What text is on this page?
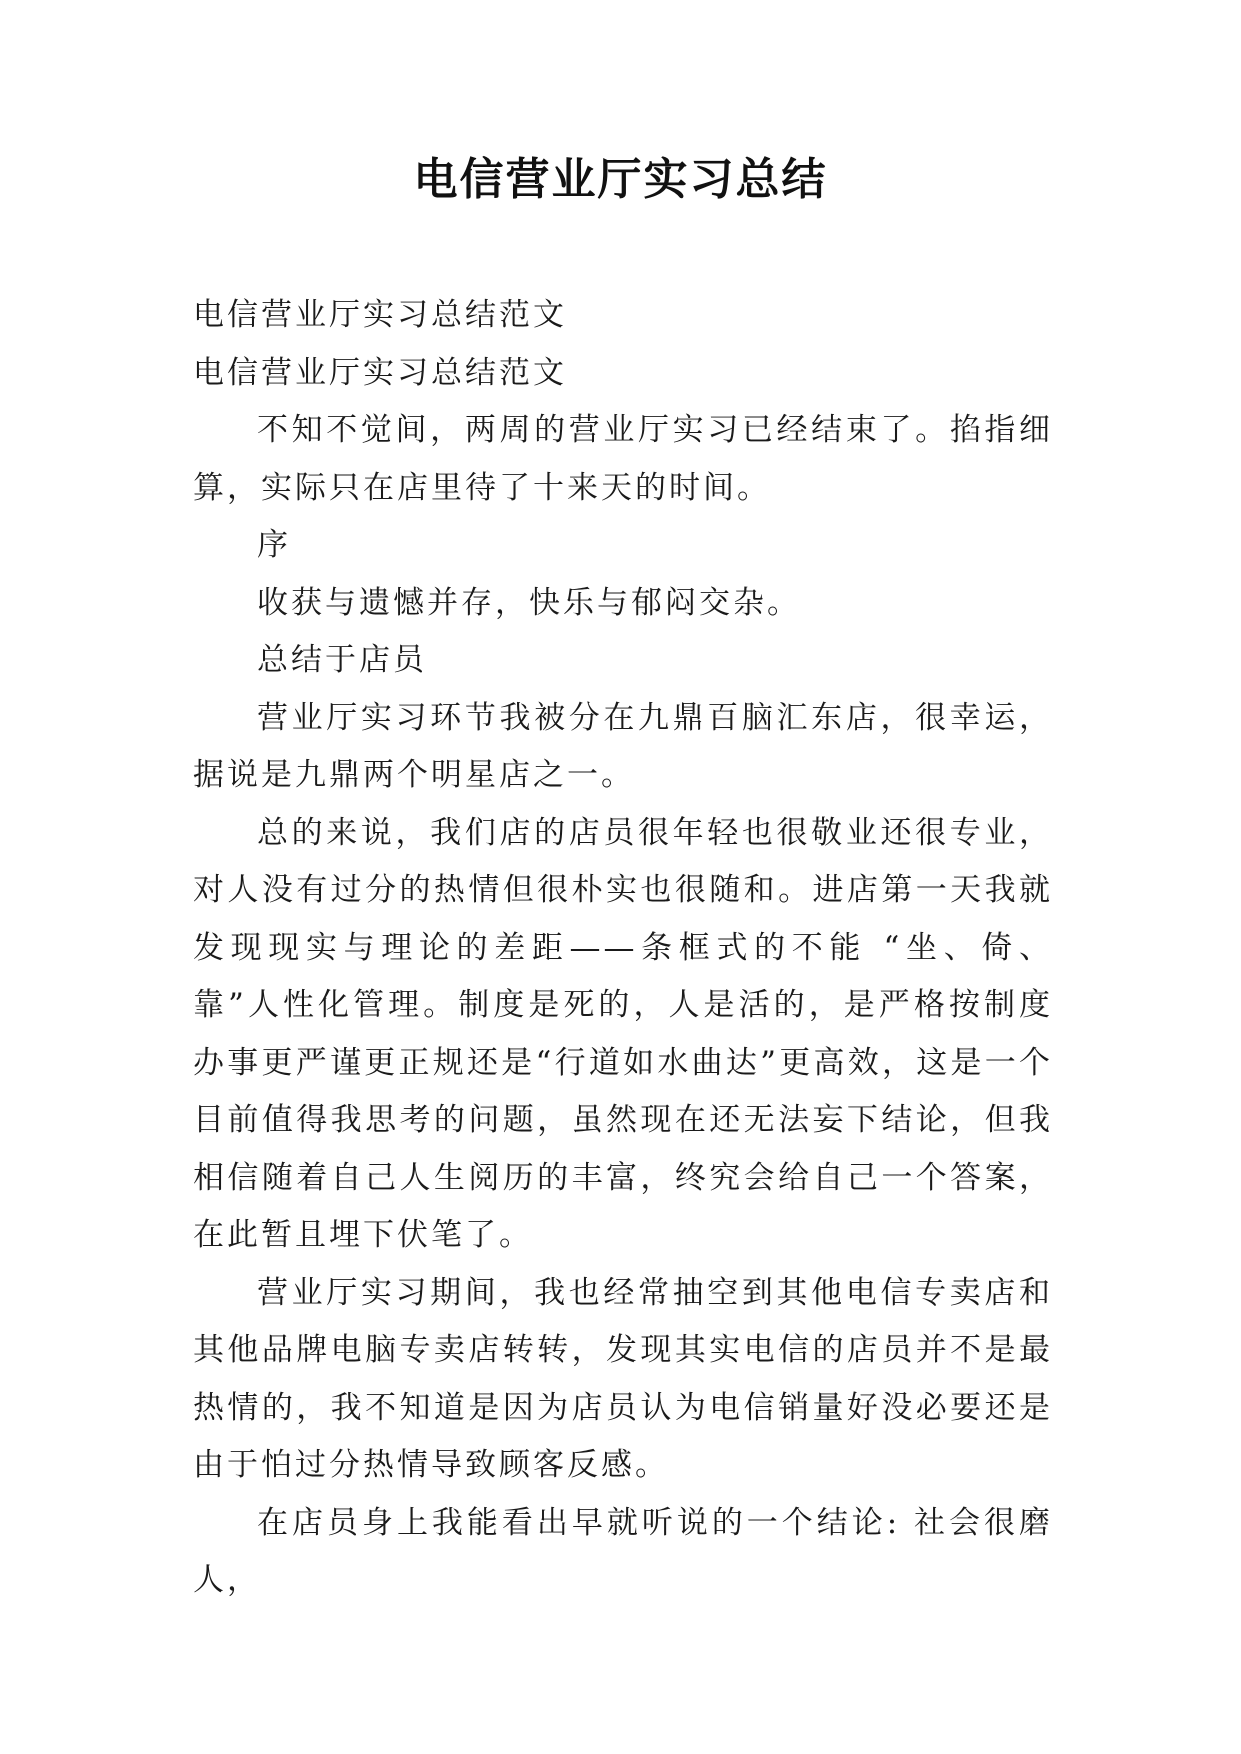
电信营业厅实习总结

电信营业厅实习总结范文

电信营业厅实习总结范文

不知不觉间，两周的营业厅实习已经结束了。掐指细算，实际只在店里待了十来天的时间。

序

收获与遗憾并存，快乐与郁闷交杂。

总结于店员

营业厅实习环节我被分在九鼎百脑汇东店，很幸运，据说是九鼎两个明星店之一。

总的来说，我们店的店员很年轻也很敬业还很专业，对人没有过分的热情但很朴实也很随和。进店第一天我就发现现实与理论的差距——条框式的不能 “坐、倚、靠”人性化管理。制度是死的，人是活的，是严格按制度办事更严谨更正规还是“行道如水曲达”更高效，这是一个目前值得我思考的问题，虽然现在还无法妄下结论，但我相信随着自己人生阅历的丰富，终究会给自己一个答案，在此暂且埋下伏笔了。

营业厅实习期间，我也经常抽空到其他电信专卖店和其他品牌电脑专卖店转转，发现其实电信的店员并不是最热情的，我不知道是因为店员认为电信销量好没必要还是由于怕过分热情导致顾客反感。

在店员身上我能看出早就听说的一个结论: 社会很磨人，
